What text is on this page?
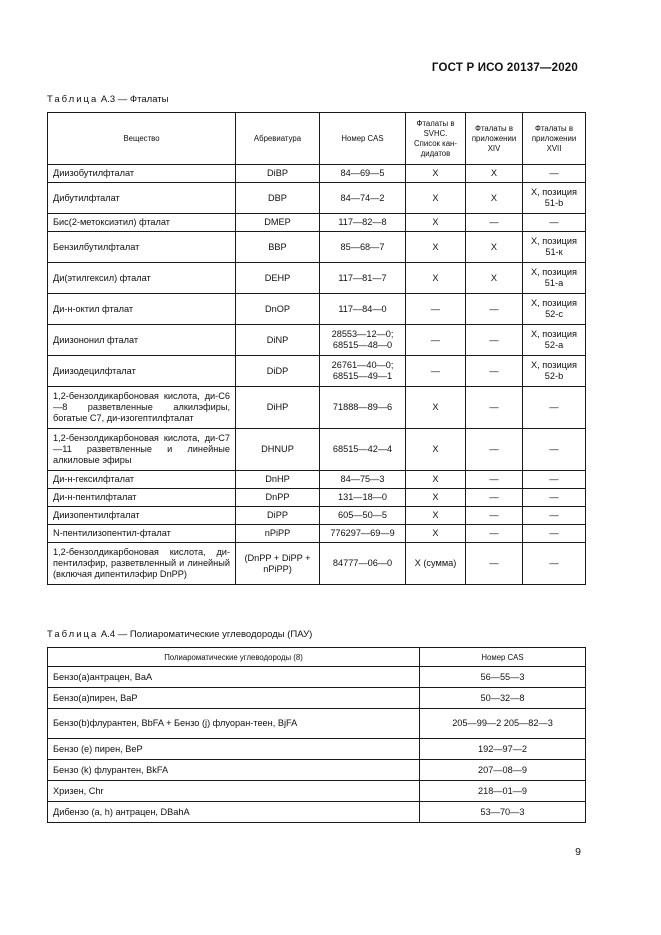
ГОСТ Р ИСО 20137—2020
Таблица А.3 — Фталаты
Вещество	Абревиатура	Номер CAS	Фталаты в SVHC. Список кандидатов	Фталаты в приложении XIV	Фталаты в приложении XVII
Диизобутилфталат	DiBP	84—69—5	X	X	—
Дибутилфталат	DBP	84—74—2	X	X	X, позиция 51-b
Бис(2-метоксиэтил) фталат	DMEP	117—82—8	X	—	—
Бензилбутилфталат	BBP	85—68—7	X	X	X, позиция 51-к
Ди(этилгексил) фталат	DEHP	117—81—7	X	X	X, позиция 51-а
Ди-н-октил фталат	DnOP	117—84—0	—	—	X, позиция 52-с
Диизононил фталат	DiNP	28553—12—0; 68515—48—0	—	—	X, позиция 52-а
Диизодецилфталат	DiDP	26761—40—0; 68515—49—1	—	—	X, позиция 52-b
1,2-бензолдикарбоновая кислота, ди-С6—8 разветвленные алкилэфиры, богатые С7, ди-изогептилфталат	DiHP	71888—89—6	X	—	—
1,2-бензолдикарбоновая кислота, ди-С7—11 разветвленные и линейные алкиловые эфиры	DHNUP	68515—42—4	X	—	—
Ди-н-гексилфталат	DnHP	84—75—3	X	—	—
Ди-н-пентилфталат	DnPP	131—18—0	X	—	—
Диизопентилфталат	DiPP	605—50—5	X	—	—
N-пентилизопентил-фталат	nPiPP	776297—69—9	X	—	—
1,2-бензолдикарбоновая кислота, дипентилэфир, разветвленный и линейный (включая дипентилэфир DnPP)	(DnPP + DiPP + nPiPP)	84777—06—0	X (сумма)	—	—
Таблица А.4 — Полиароматические углеводороды (ПАУ)
Полиароматические углеводороды (8)	Номер CAS
Бензо(а)антрацен, ВаА	56—55—3
Бензо(а)пирен, BaP	50—32—8
Бензо(b)флурантен, BbFA + Бензо (j) флуоран-теен, BjFA	205—99—2 205—82—3
Бензо (е) пирен, ВеР	192—97—2
Бензо (k) флурантен, BkFA	207—08—9
Хризен, Chr	218—01—9
Дибензо (а, h) антрацен, DBahA	53—70—3
9
